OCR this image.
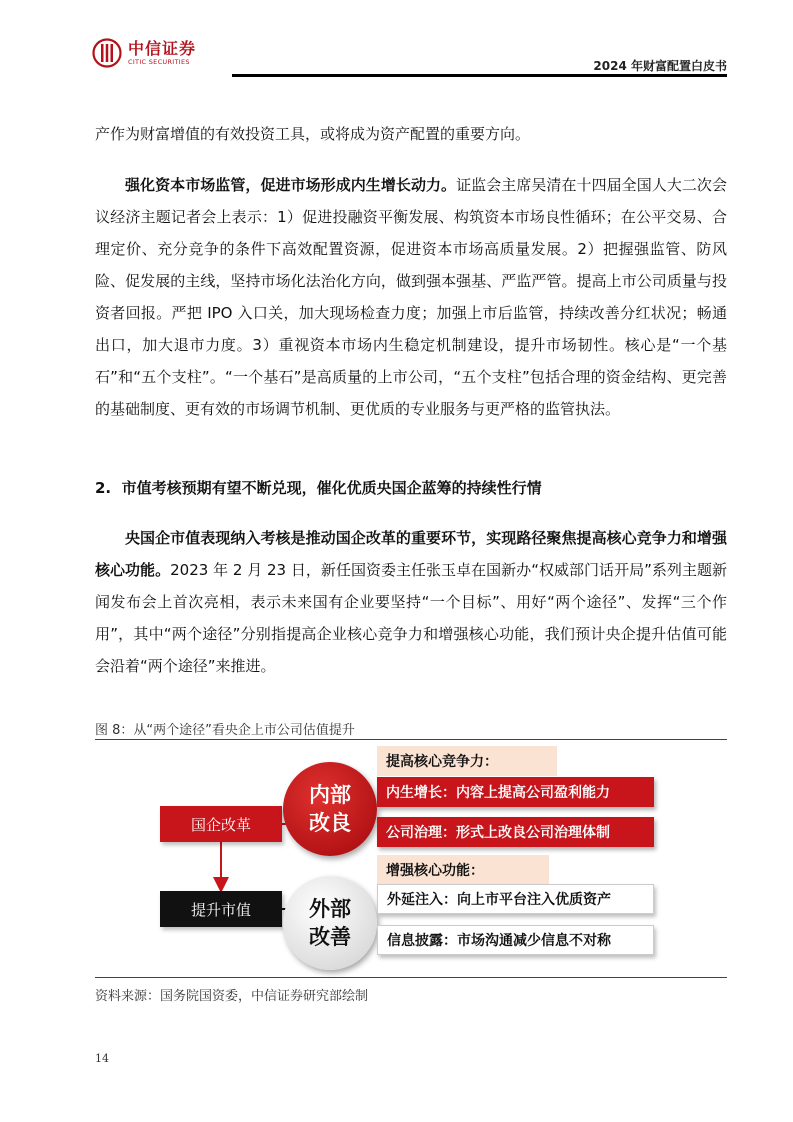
中信证券
CITIC SECURITIES	2024 年财富配置白皮书

产作为财富增值的有效投资工具，或将成为资产配置的重要方向。

强化资本市场监管，促进市场形成内生增长动力。证监会主席吴清在十四届全国人大二次会议经济主题记者会上表示：1）促进投融资平衡发展、构筑资本市场良性循环；在公平交易、合理定价、充分竞争的条件下高效配置资源，促进资本市场高质量发展。2）把握强监管、防风险、促发展的主线，坚持市场化法治化方向，做到强本强基、严监严管。提高上市公司质量与投资者回报。严把 IPO 入口关，加大现场检查力度；加强上市后监管，持续改善分红状况；畅通出口，加大退市力度。3）重视资本市场内生稳定机制建设，提升市场韧性。核心是“一个基石”和“五个支柱”。“一个基石”是高质量的上市公司，“五个支柱”包括合理的资金结构、更完善的基础制度、更有效的市场调节机制、更优质的专业服务与更严格的监管执法。

2.  市值考核预期有望不断兑现，催化优质央国企蓝筹的持续性行情

央国企市值表现纳入考核是推动国企改革的重要环节，实现路径聚焦提高核心竞争力和增强核心功能。2023 年 2 月 23 日，新任国资委主任张玉卓在国新办“权威部门话开局”系列主题新闻发布会上首次亮相，表示未来国有企业要坚持“一个目标”、用好“两个途径”、发挥“三个作用”，其中“两个途径”分别指提高企业核心竞争力和增强核心功能，我们预计央企提升估值可能会沿着“两个途径”来推进。

图 8：从“两个途径”看央企上市公司估值提升
国企改革
提升市值
内部
改良
外部
改善
提高核心竞争力：
内生增长：内容上提高公司盈利能力
公司治理：形式上改良公司治理体制
增强核心功能：
外延注入：向上市平台注入优质资产
信息披露：市场沟通减少信息不对称
资料来源：国务院国资委，中信证券研究部绘制
14
